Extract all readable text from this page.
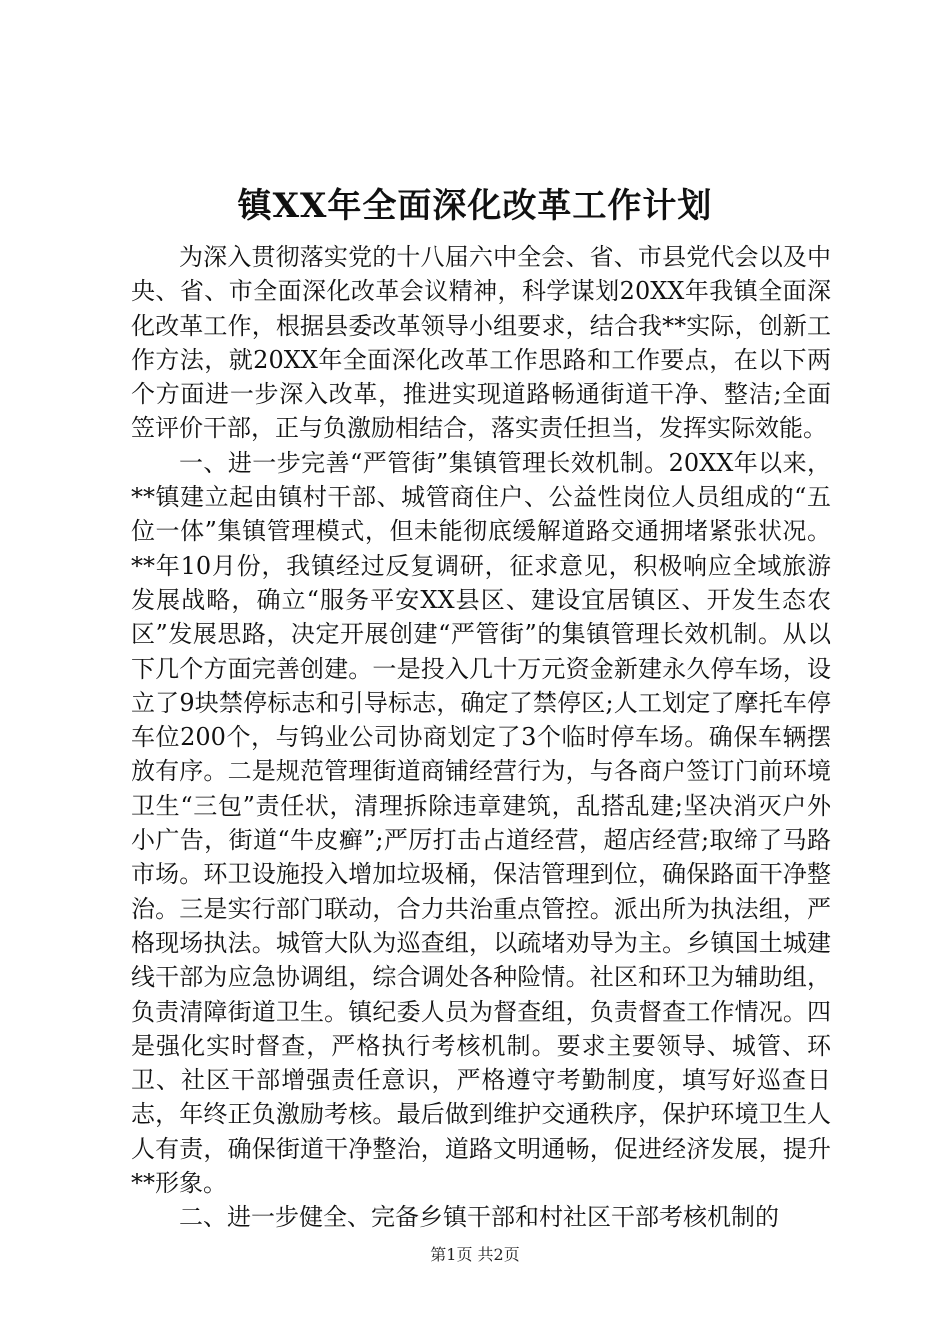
镇XX年全面深化改革工作计划

为深入贯彻落实党的十八届六中全会、省、市县党代会以及中央、省、市全面深化改革会议精神，科学谋划20XX年我镇全面深化改革工作，根据县委改革领导小组要求，结合我**实际，创新工作方法，就20XX年全面深化改革工作思路和工作要点，在以下两个方面进一步深入改革，推进实现道路畅通街道干净、整洁;全面笠评价干部，正与负激励相结合，落实责任担当，发挥实际效能。

一、进一步完善“严管街”集镇管理长效机制。20XX年以来，**镇建立起由镇村干部、城管商住户、公益性岗位人员组成的“五位一体”集镇管理模式，但未能彻底缓解道路交通拥堵紧张状况。**年10月份，我镇经过反复调研，征求意见，积极响应全域旅游发展战略，确立“服务平安XX县区、建设宜居镇区、开发生态农区”发展思路，决定开展创建“严管街”的集镇管理长效机制。从以下几个方面完善创建。一是投入几十万元资金新建永久停车场，设立了9块禁停标志和引导标志，确定了禁停区;人工划定了摩托车停车位200个，与钨业公司协商划定了3个临时停车场。确保车辆摆放有序。二是规范管理街道商铺经营行为，与各商户签订门前环境卫生“三包”责任状，清理拆除违章建筑，乱搭乱建;坚决消灭户外小广告，街道“牛皮癣”;严厉打击占道经营，超店经营;取缔了马路市场。环卫设施投入增加垃圾桶，保洁管理到位，确保路面干净整治。三是实行部门联动，合力共治重点管控。派出所为执法组，严格现场执法。城管大队为巡查组，以疏堵劝导为主。乡镇国土城建线干部为应急协调组，综合调处各种险情。社区和环卫为辅助组，负责清障街道卫生。镇纪委人员为督查组，负责督查工作情况。四是强化实时督查，严格执行考核机制。要求主要领导、城管、环卫、社区干部增强责任意识，严格遵守考勤制度，填写好巡查日志，年终正负激励考核。最后做到维护交通秩序，保护环境卫生人人有责，确保街道干净整治，道路文明通畅，促进经济发展，提升**形象。

二、进一步健全、完备乡镇干部和村社区干部考核机制的

第1页 共2页
